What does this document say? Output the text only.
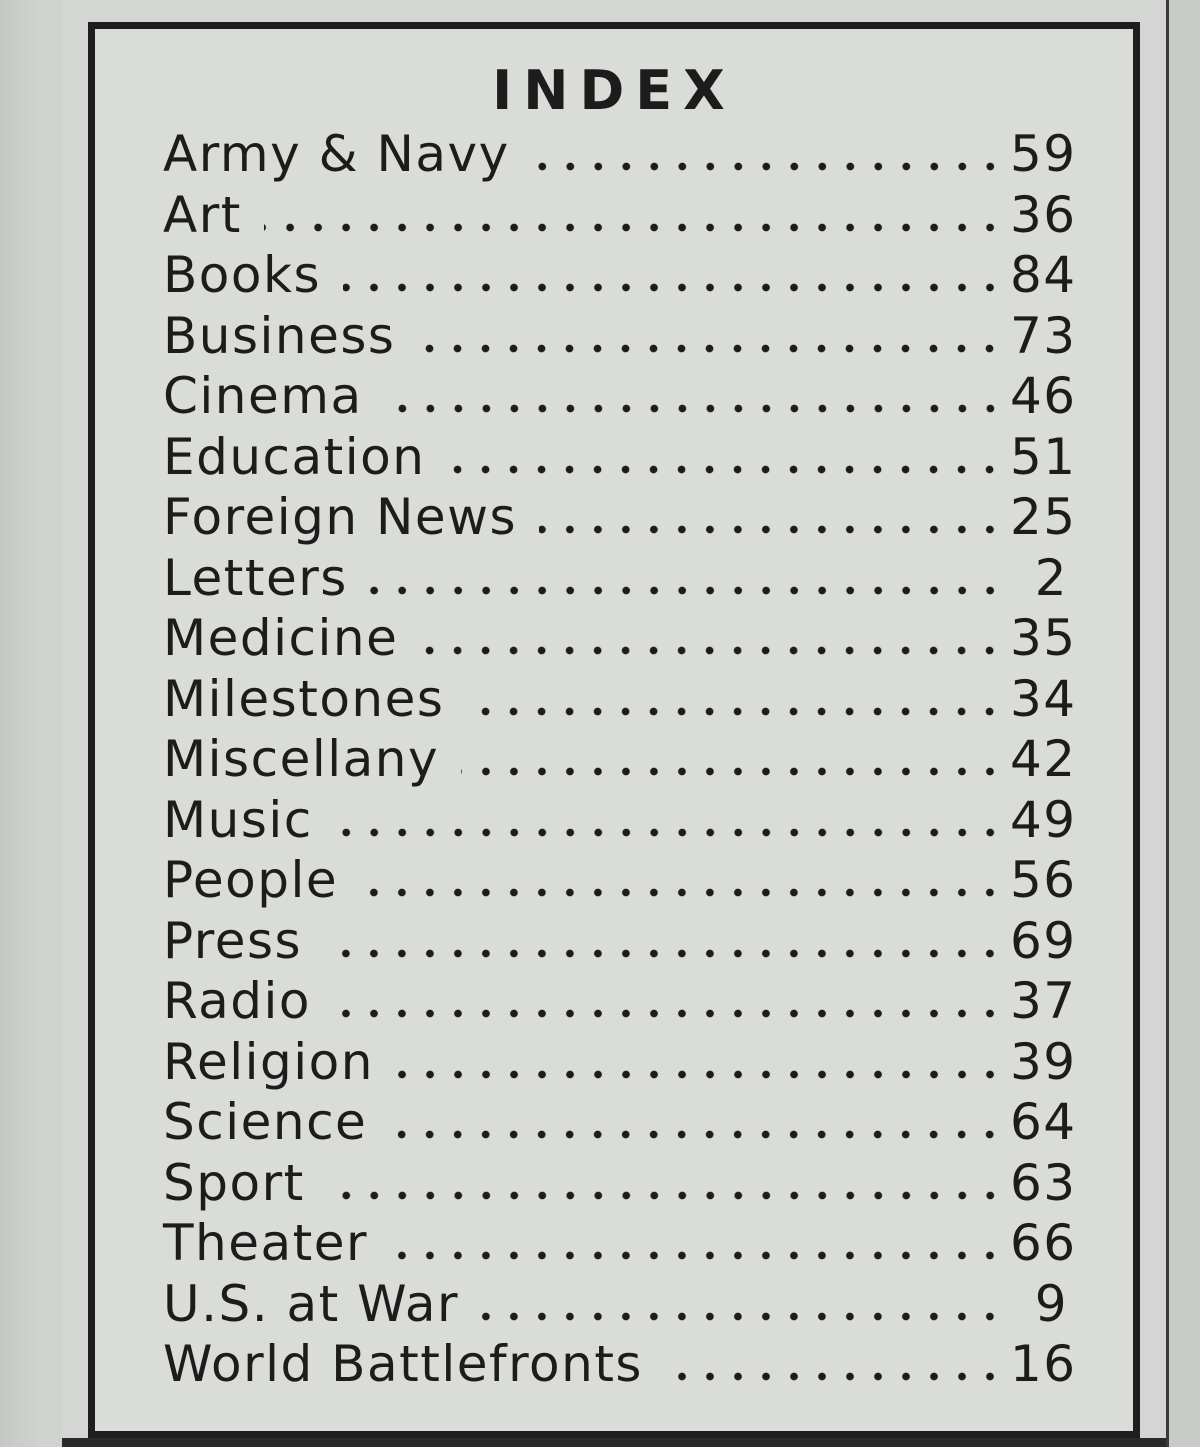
INDEX
Army & Navy	59
Art	36
Books	84
Business	73
Cinema	46
Education	51
Foreign News	25
Letters	2
Medicine	35
Milestones	34
Miscellany	42
Music	49
People	56
Press	69
Radio	37
Religion	39
Science	64
Sport	63
Theater	66
U.S. at War	9
World Battlefronts	16
